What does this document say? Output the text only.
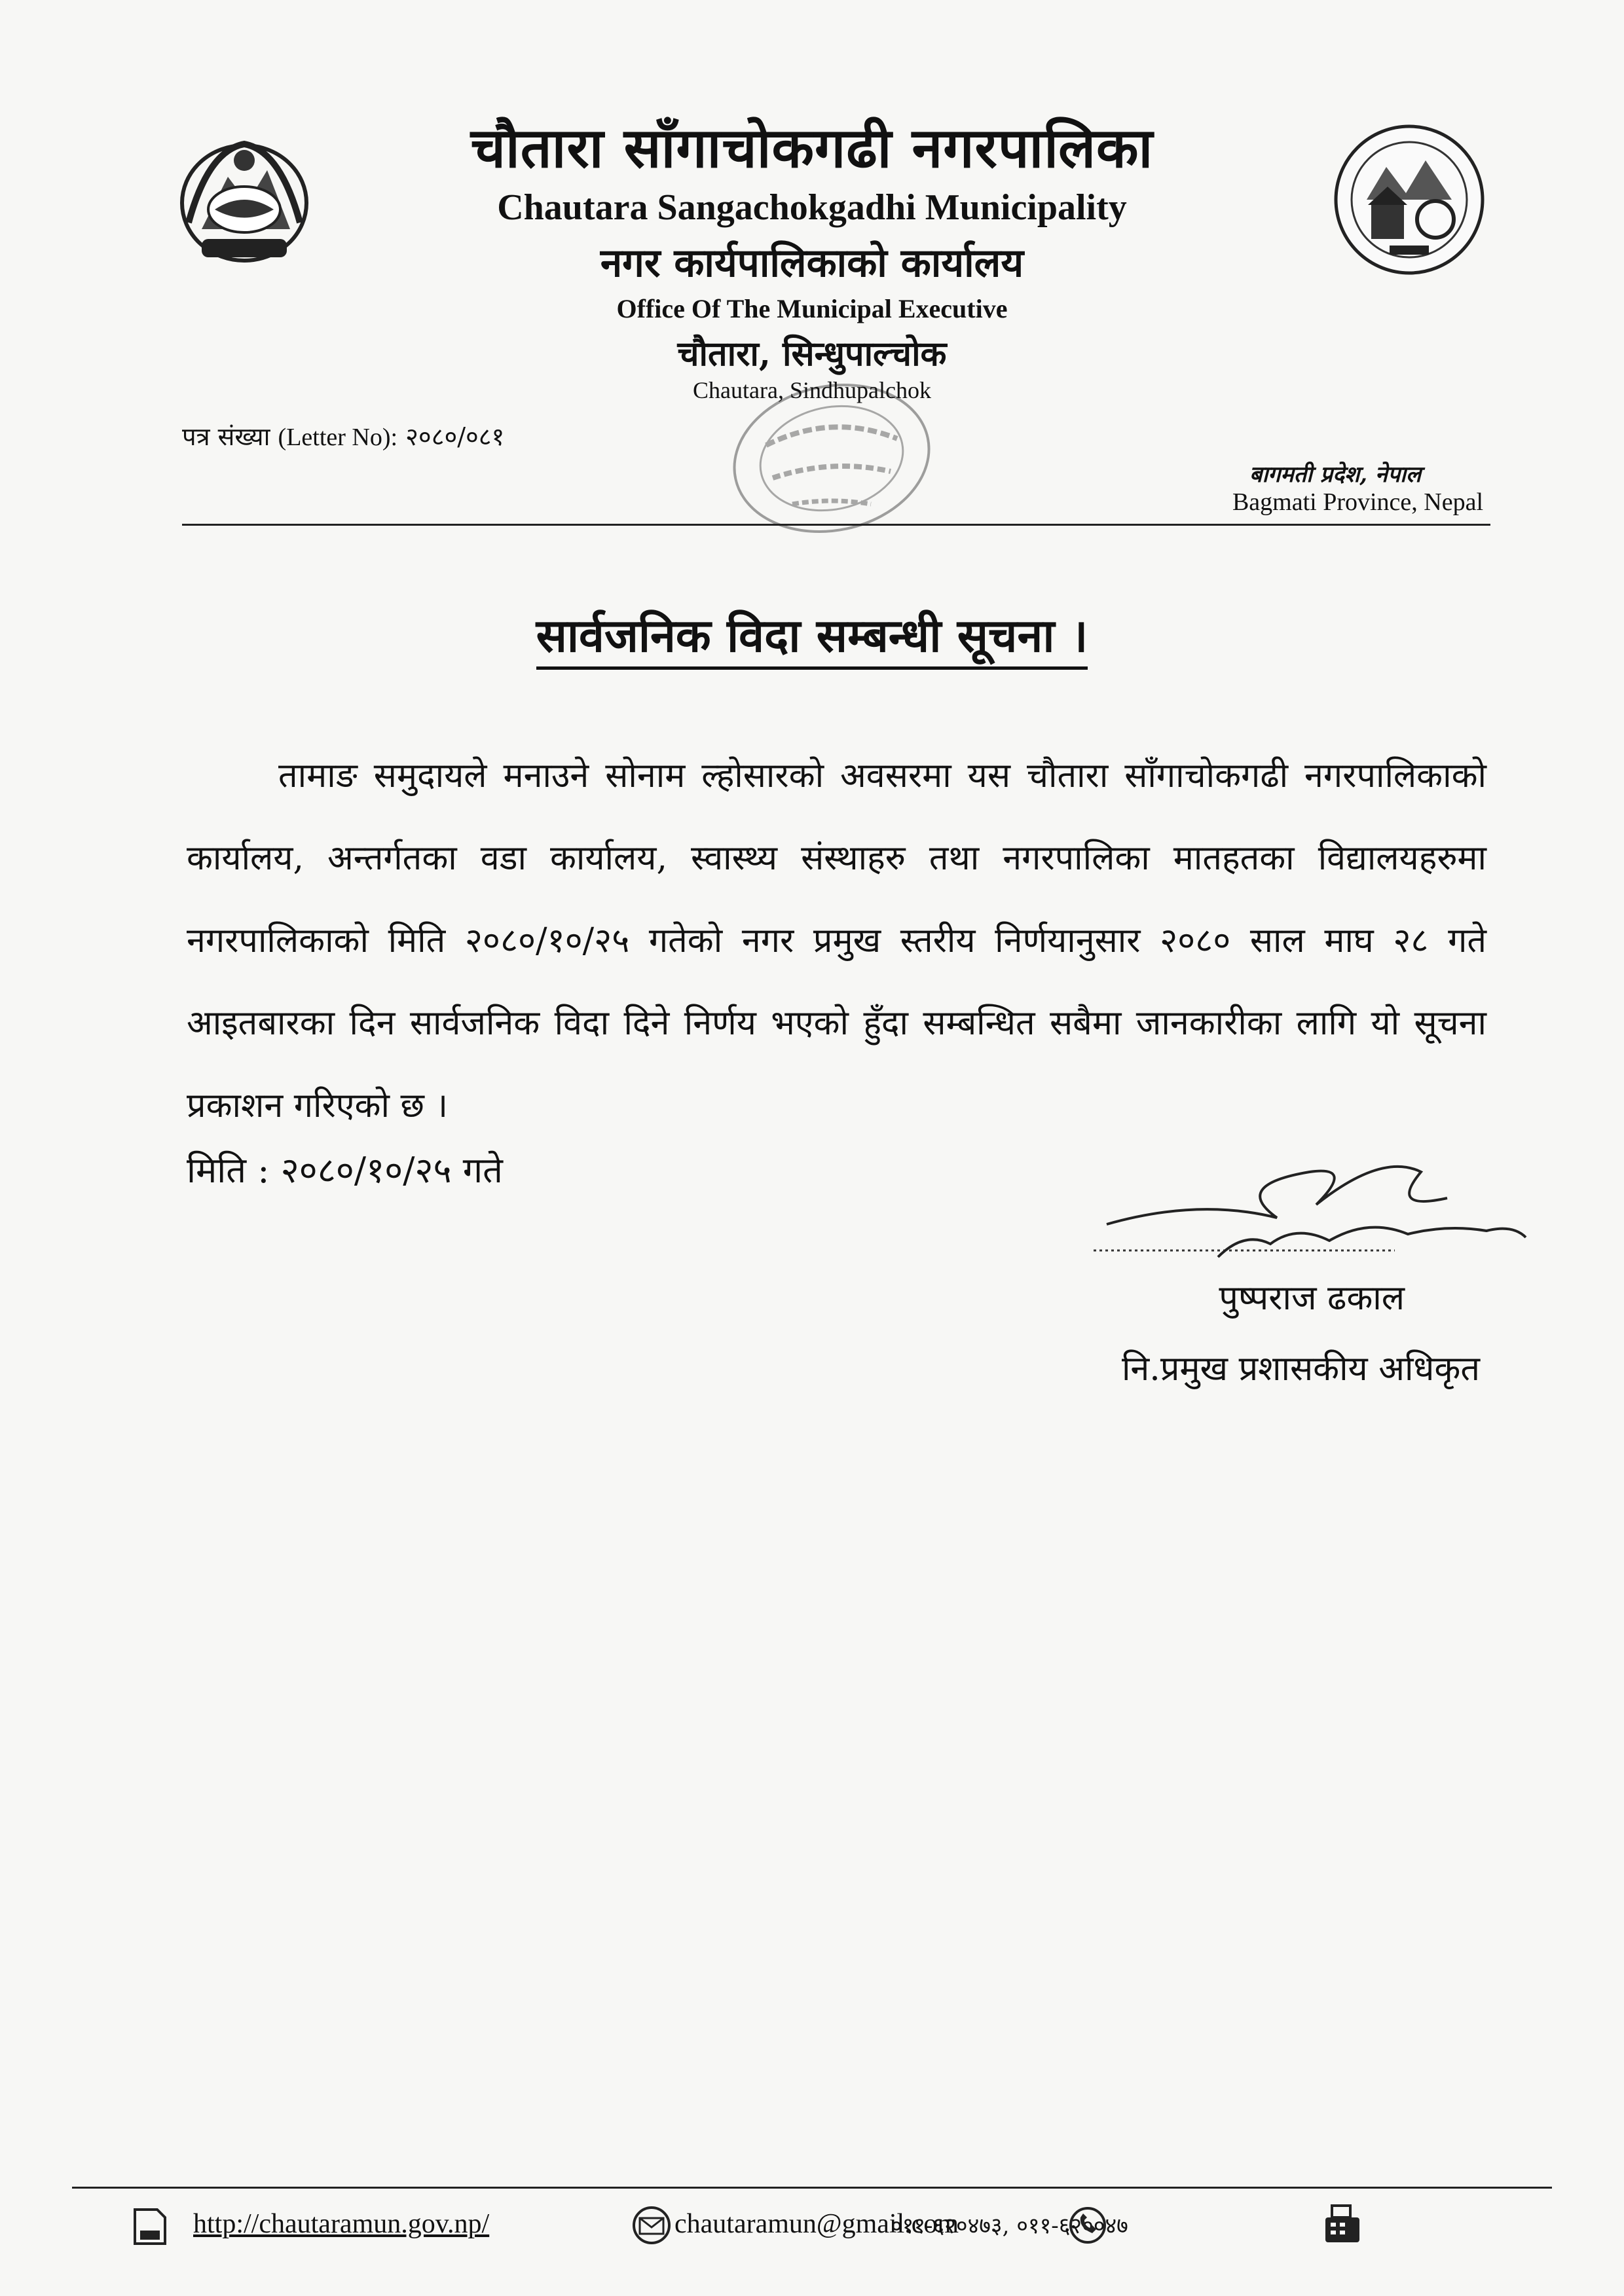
चौतारा साँगाचोकगढी नगरपालिका
Chautara Sangachokgadhi Municipality
नगर कार्यपालिकाको कार्यालय
Office Of The Municipal Executive
चौतारा, सिन्धुपाल्चोक
Chautara, Sindhupalchok
पत्र संख्या (Letter No): २०८०/०८१
बागमती प्रदेश, नेपाल
Bagmati Province, Nepal
सार्वजनिक विदा सम्बन्धी सूचना ।
तामाङ समुदायले मनाउने सोनाम ल्होसारको अवसरमा यस चौतारा साँगाचोकगढी नगरपालिकाको कार्यालय, अन्तर्गतका वडा कार्यालय, स्वास्थ्य संस्थाहरु तथा नगरपालिका मातहतका विद्यालयहरुमा नगरपालिकाको मिति २०८०/१०/२५ गतेको नगर प्रमुख स्तरीय निर्णयानुसार २०८० साल माघ २८ गते आइतबारका दिन सार्वजनिक विदा दिने निर्णय भएको हुँदा सम्बन्धित सबैमा जानकारीका लागि यो सूचना प्रकाशन गरिएको छ ।
मिति : २०८०/१०/२५ गते
पुष्पराज ढकाल
नि.प्रमुख प्रशासकीय अधिकृत
http://chautaramun.gov.np/	chautaramun@gmail.com
०११-६२०४७३, ०११-६२००४७
